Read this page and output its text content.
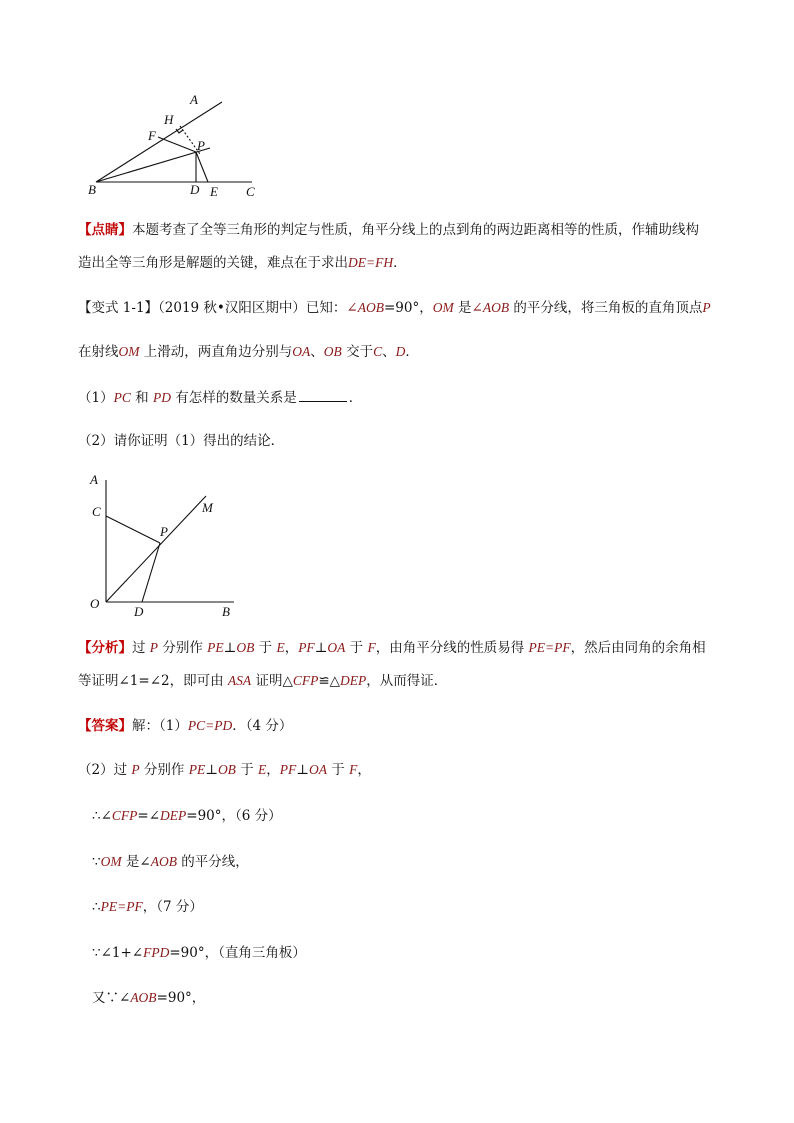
A
H
F
P
B	D E C
【点睛】本题考查了全等三角形的判定与性质，角平分线上的点到角的两边距离相等的性质，作辅助线构
造出全等三角形是解题的关键，难点在于求出DE=FH．
【变式 1-1】（2019 秋•汉阳区期中）已知：∠AOB=90°，OM 是∠AOB 的平分线，将三角板的直角顶点P
在射线OM 上滑动，两直角边分别与OA、OB 交于C、D．
（1）PC 和 PD 有怎样的数量关系是	．
（2）请你证明（1）得出的结论．
A
M
C
P
O
D	B
【分析】过 P 分别作 PE⊥OB 于 E，PF⊥OA 于 F，由角平分线的性质易得 PE=PF，然后由同角的余角相
等证明∠1=∠2，即可由 ASA 证明△CFP≌△DEP，从而得证．
【答案】解：（1）PC=PD．（4 分）
（2）过 P 分别作 PE⊥OB 于 E，PF⊥OA 于 F，
∴∠CFP=∠DEP=90°，（6 分）
∵OM 是∠AOB 的平分线，
∴PE=PF，（7 分）
∵∠1+∠FPD=90°，（直角三角板）
又∵∠AOB=90°，
